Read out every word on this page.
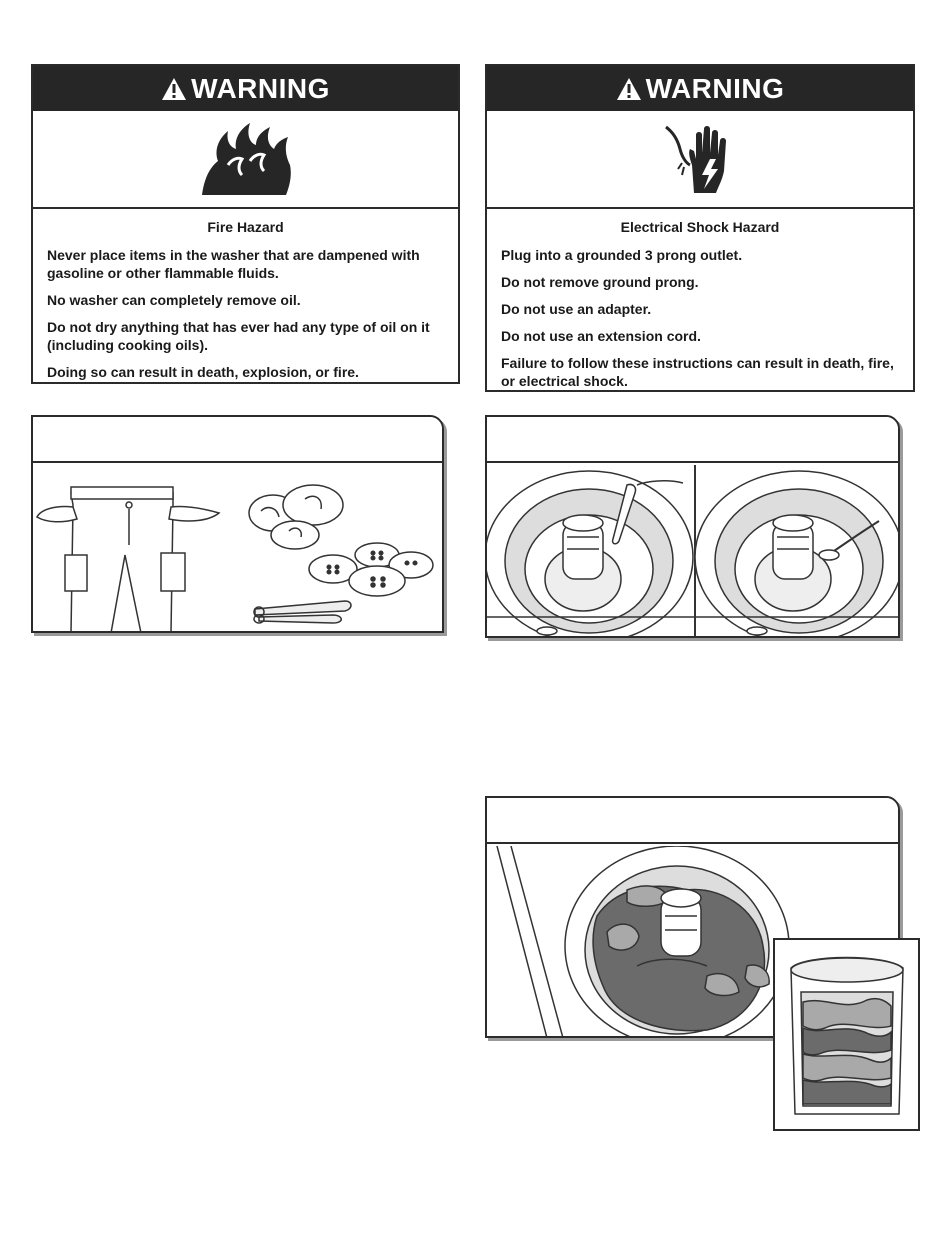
WARNING
Fire Hazard
Never place items in the washer that are dampened with gasoline or other flammable fluids.
No washer can completely remove oil.
Do not dry anything that has ever had any type of oil on it (including cooking oils).
Doing so can result in death, explosion, or fire.
WARNING
Electrical Shock Hazard
Plug into a grounded 3 prong outlet.
Do not remove ground prong.
Do not use an adapter.
Do not use an extension cord.
Failure to follow these instructions can result in death, fire, or electrical shock.
